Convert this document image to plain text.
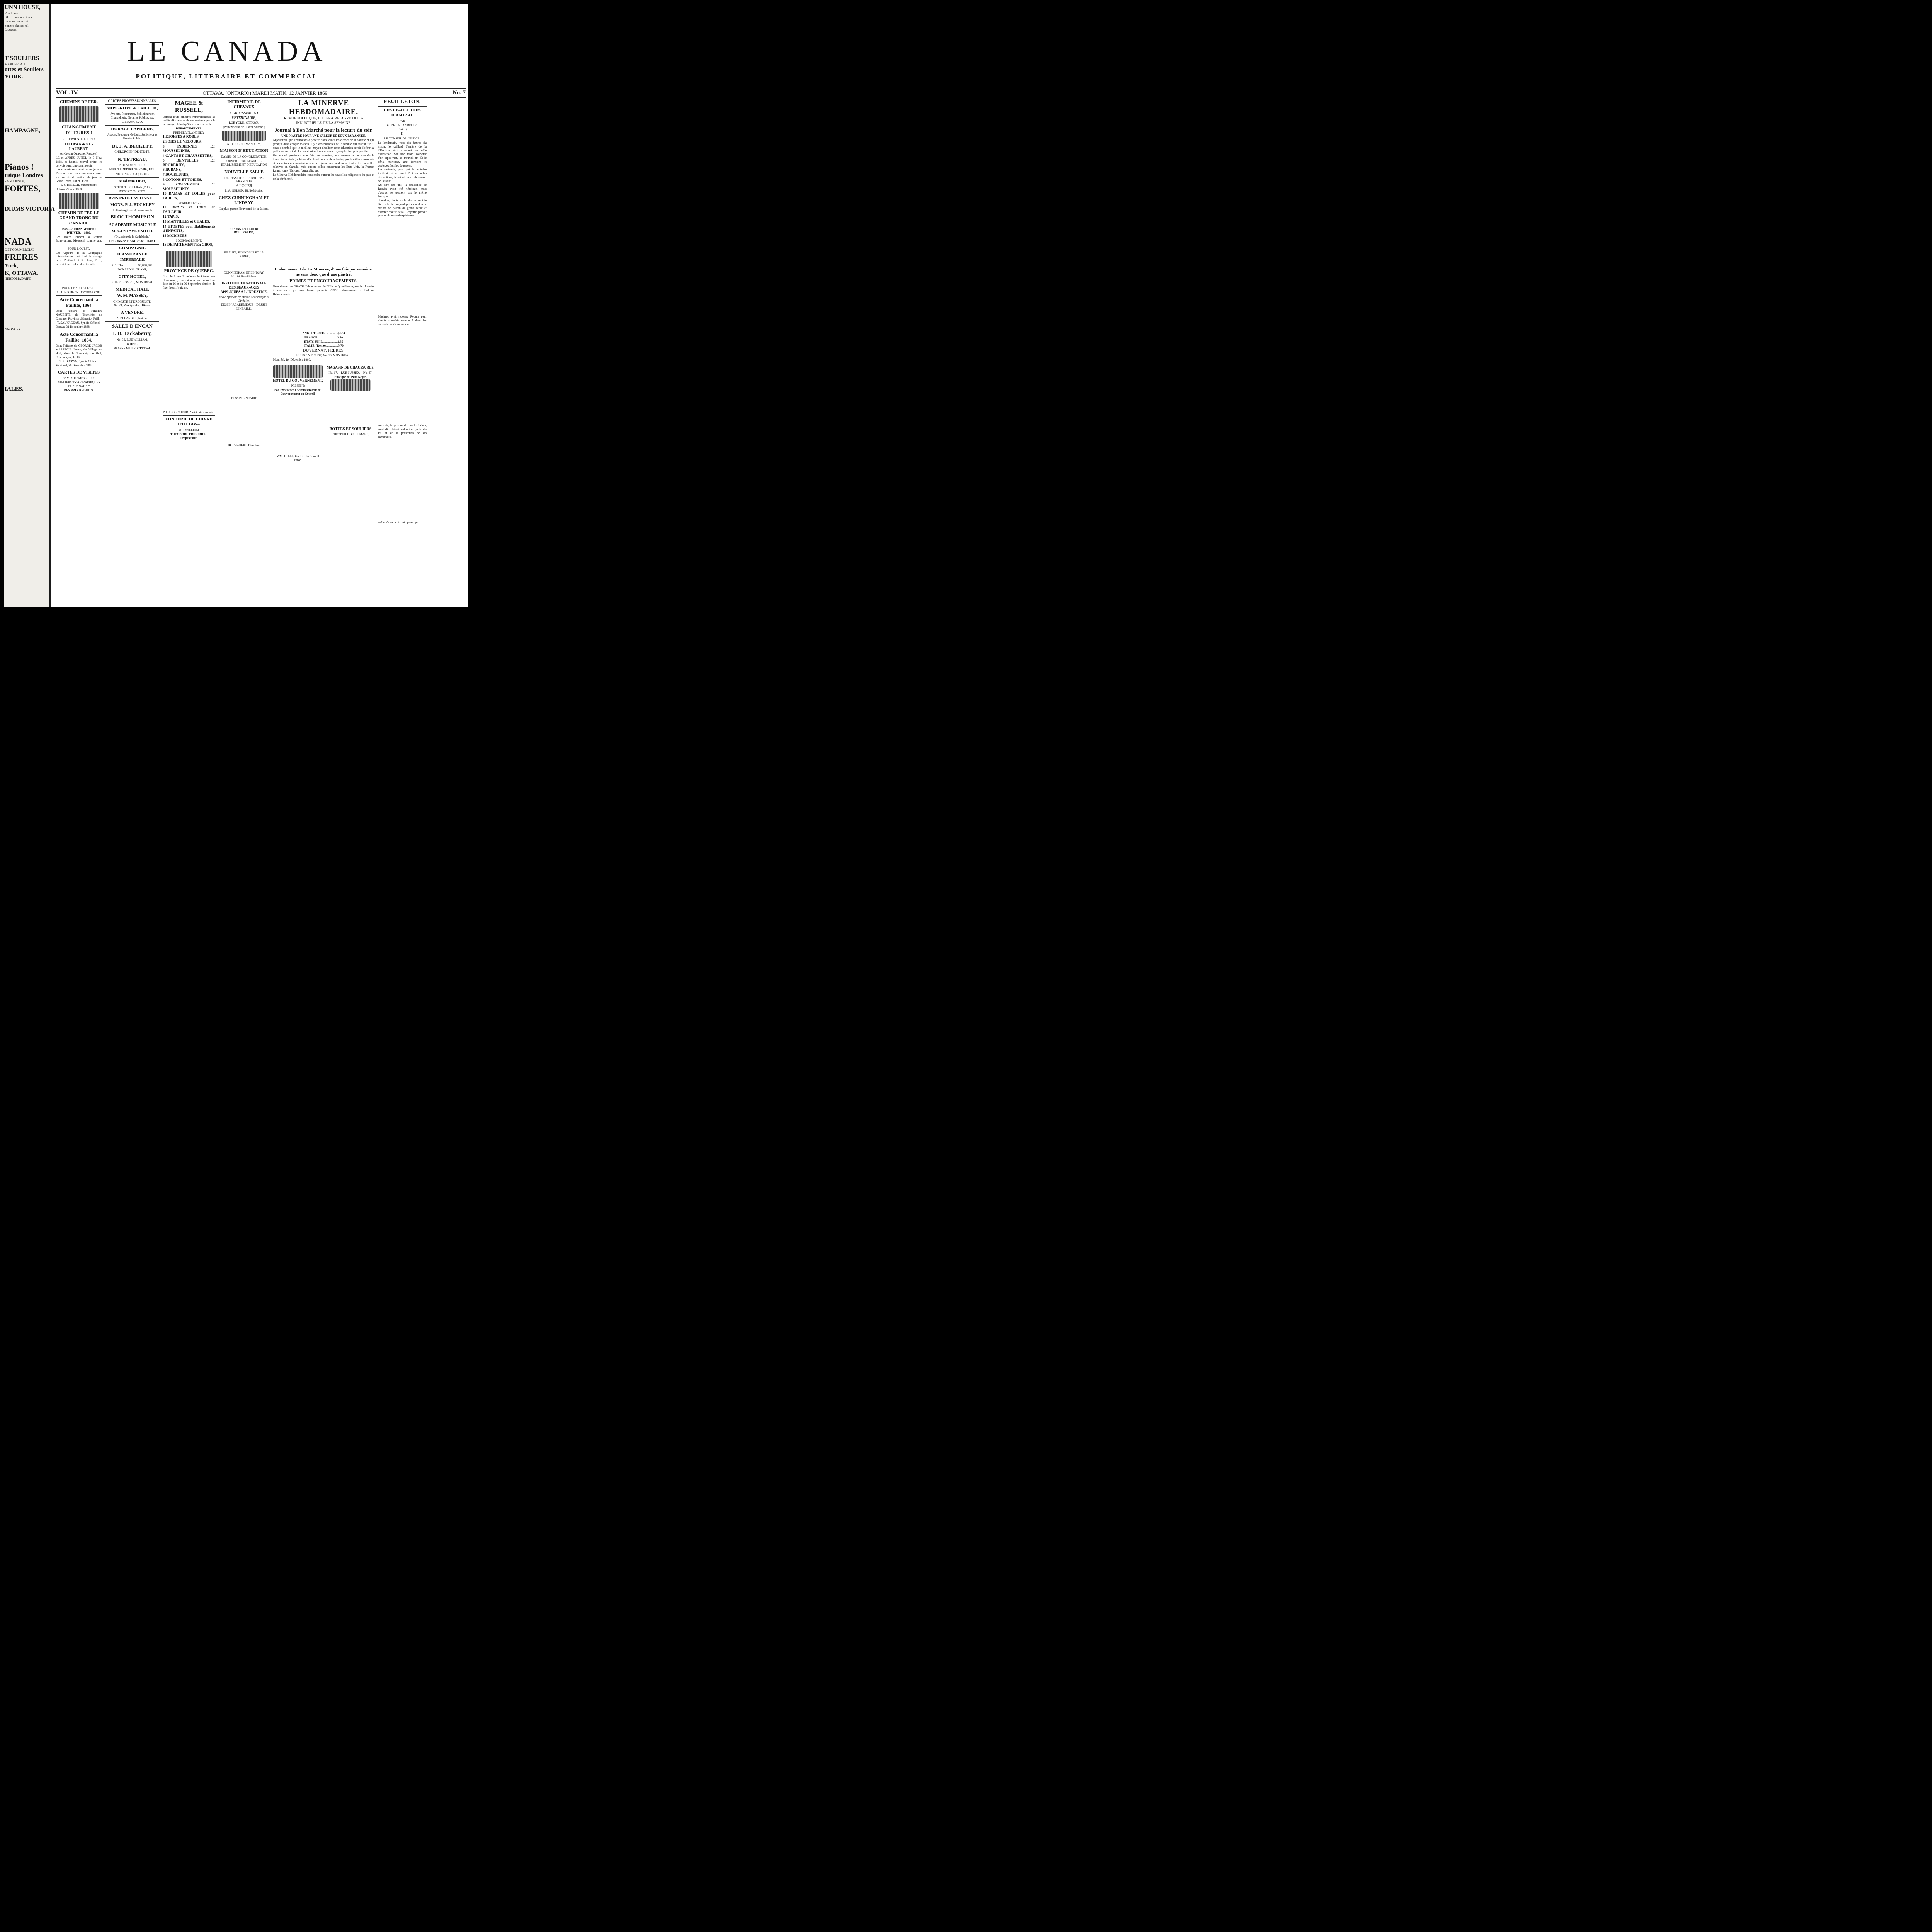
UNN HOUSE,
Rue Sussex.
KETT annonce à ses
procurer un assort
bonnes choses, tel
Liqueurs,
T SOULIERS
MARCHE, AU
ottes et Souliers
YORK.
HAMPAGNE,
Pianos !
usique Londres
SA MAJESTE,
FORTES,
DIUMS VICTORIA
NADA
E ET COMMERCIAL
FRERES
York,
K, OTTAWA.
HEBDOMADAIRE
NNONCES.
IALES.
LE CANADA
POLITIQUE, LITTERAIRE ET COMMERCIAL
VOL. IV.	OTTAWA, (ONTARIO) MARDI MATIN, 12 JANVIER 1869.	No. 7
CHEMINS DE FER.
CHANGEMENT D'HEURES !
CHEMIN DE FER
OTTAWA & ST.-LAURENT.
(ci-devant Ottawa et Prescott)
LE et APRES LUNDI, le 3 Nov. 1868, et jusqu'à nouvel ordre les convois partiront comme suit:—
Les convois sont ainsi arrangés afin d'assurer une correspondance avec les convois de nuit et de jour du Grand Tronc, Est et Ouest.
T. S. DETLOR, Surintendant.
Ottawa, 27 nov 1868
CHEMIN DE FER LE GRAND TRONC DU CANADA.
1868.—ARRANGEMENT D'HIVER.—1869.
Les Trains laissent la Station Bonaventure, Montréal, comme suit:—
POUR L'OUEST.
Les Vapeurs de la Compagnie Internationale, qui font le voyage entre Portland et St. Jean, N.B., partent tous les Lundis et Jeudis.
POUR LE SUD ET L'EST.
C. J. BRYDGES, Directeur-Gérant
Acte Concernant la Faillite, 1864
Dans l'affaire de FIRMIN NAUBERT, du Township de Clarence, Province d'Ontario, Failli.
T. SAUVAGEAU, Syndic Officiel.
Ottawa, 31 Décembre 1868.
Acte Concernant la Faillite, 1864.
Dans l'affaire de GEORGE JACOB MARSTON, Junior, du Village de Hull, dans le Township de Hull, Commerçant, Failli.
T. S. BROWN, Syndic Officiel.
Montréal, 30 Décembre 1868.
CARTES DE VISITES
DAMES ET MESSIEURS
ATELIERS TYPOGRAPHIQUES DU "CANADA,"
DES PRIX REDUITS.
CARTES PROFESSIONNELLES.
MOSGROVE & TAILLON,
Avocats, Procureurs, Solliciteurs en Chancellerie, Notaires Publics, etc.
OTTAWA, C. O.
HORACE LAPIERRE,
Avocat, Procureur-ès-Lois, Solliciteur et Notaire Public,
Dr. J. A. BECKETT,
CHIRURGIEN-DENTISTE.
N. TETREAU,
NOTAIRE PUBLIC,
Près du Bureau de Poste, Hull
PROVINCE DE QUEBEC.
Madame Huet,
INSTITUTRICE FRANÇAISE,
Bachelière ès-Lettres.
AVIS PROFESSIONNEL.
MONS. P. J. BUCKLEY
A déménagé son Bureau dans le
BLOCTHOMPSON
ACADEMIE MUSICALE
M. GUSTAVE SMITH,
(Organiste de la Cathédrale,)
LECONS de PIANO et de CHANT
COMPAGNIE
D'ASSURANCE IMPERIALE
CAPITAL.................$9,000,000
DONALD M. GRANT,
CITY HOTEL,
RUE ST. JOSEPH, MONTREAL
MEDICAL HALL
W. M. MASSEY,
CHIMISTE ET DROGUISTE,
No. 28, Rue Sparks, Ottawa.
A VENDRE.
A. BELANGER, Notaire.
SALLE D'ENCAN
I. B. Tackaberry,
No. 36, RUE WILLIAM,
WHITE,
BASSE - VILLE, OTTAWA.
MAGEE & RUSSELL,
Offrent leurs sincères remerciements au public d'Ottawa et de ses environs pour le patronage libéral qu'ils leur ont accordé.
DEPARTEMENTS.
PREMIER PLANCHER.
1 ETOFFES A ROBES,
2 SOIES ET VELOURS,
3 INDIENNES ET MOUSSELINES,
4 GANTS ET CHAUSSETTES,
5 DENTELLES ET BRODERIES,
6 RUBANS,
7 DOUBLURES,
8 COTONS ET TOILES,
9 COUVERTES ET MOUSSELINES
10 DAMAS ET TOILES pour TABLES,
PREMIER ETAGE.
11 DRAPS et Effets de TAILLEUR,
12 TAPIS,
13 MANTILLES et CHALES,
14 ETOFFES pour Habillements d'ENFANTS,
15 MODISTES.
SOUS-BASEMENT.
16 DEPARTEMENT En GROS,
PROVINCE DE QUEBEC.
Il a plu à son Excellence le Lieutenant-Gouverneur, par minutes en conseil en date du 26 et du 30 Septembre dernier, de fixer le tarif suivant.
PH. J. JOLICOEUR, Assistant-Secrétaire.
FONDERIE DE CUIVRE D'OTTAWA
RUE WILLIAM.
THEODORE FRIDERICK, Propriétaire.
INFIRMERIE DE CHEVAUX
ETABLISSEMENT VETERINAIRE,
RUE YORK, OTTAWA,
(Porte voisine de l'Hôtel Salmon.)
A. O. F. COLEMAN, C. V.,
MAISON D'EDUCATION
DAMES DE LA CONGREGATION.
OUVERT UNE BRANCHE
ETABLISSEMENT D'EDUCATION
NOUVELLE SALLE
DE L'INSTITUT CANADIEN-FRANCAIS
A LOUER
L. A. GRISON, Bibliothécaire.
CHEZ CUNNINGHAM ET LINDSAY.
La plus grande Nouveauté de la Saison.
JUPONS EN FEUTRE BOULEVARD,
BEAUTE, ECONOMIE ET LA DUREE,
CUNNINGHAM ET LINDSAY,
No. 14, Rue Rideau.
INSTITUTION NATIONALE DES BEAUX-ARTS APPLIQUES A L'INDUSTRIE.
Ecole Spéciale de Dessin Académique et Linéaire.
DESSIN ACADEMIQUE—DESSIN LINEAIRE.
DESSIN LINEAIRE
JH. CHABERT, Directeur.
LA MINERVE HEBDOMADAIRE.
REVUE POLITIQUE, LITTERAIRE, AGRICOLE & INDUSTRIELLE DE LA SEMAINE.
Journal à Bon Marché pour la lecture du soir.
UNE PIASTRE POUR UNE VALEUR DE DEUX PAR ANNEE.
Aujourd'hui que l'éducation a pénétré dans toutes les classes de la société et que presque dans chaque maison, il y a des membres de la famille qui savent lire, il nous a semblé que le meilleur moyen d'utiliser cette éducation serait d'offrir au public un recueil de lectures instructives, amusantes, au plus bas prix possible.
Un journal paraissant une fois par semaine, et contenant au moyen de la transmission télégraphique d'un bout du monde à l'autre, par le câble sous-marin et les autres communications de ce genre non seulement toutes les nouvelles relatives au Canada, mais encore celles concernant les Etats-Unis, la France, Rome, toute l'Europe, l'Australie, etc.
La Minerve Hebdomadaire contiendra surtout les nouvelles religieuses du pays et de la chrétienté.
L'abonnement de La Minerve, d'une fois par semaine, ne sera donc que d'une piastre.
PRIMES ET ENCOURAGEMENTS.
Nous donnerons GRATIS l'abonnement de l'Edition Quotidienne, pendant l'année, à tous ceux qui nous feront parvenir VINGT abonnements à l'Edition Hebdomadaire.
ANGLETERRE..................$1.30
FRANCE..........................3.70
ETATS-UNIS....................1.35
ITALIE, (Rome)................3.70
DUVERNAY, FRERES,
RUE ST. VINCENT, No. 16, MONTREAL.
Montréal, 1er Décembre 1868.
HOTEL DU GOUVERNEMENT,
PRESENT:
Son Excellence l'Administrateur du Gouvernement en Conseil.
WM. H. LEE, Greffier du Conseil Privé.
MAGASIN DE CHAUSSURES,
No. 67,—RUE SUSSEX,—No. 67,
Enseigne du Petit Nègre.
BOTTES ET SOULIERS
THEOPHILE BELLEMARE,
FEUILLETON.
LES EPAULETTES D'AMIRAL
PAR
G. DE LA LANDELLE.
(Suite.)
II
LE CONSEIL DE JUSTICE.
Le lendemain, vers dix heures du matin, le gaillard d'arrière de la Cléopâtre était converti en salle d'audience. Sur une table, couverte d'un tapis vert, se trouvait un Code pénal maritime, une écritoire et quelques feuilles de papier.
Les matelots, pour qui le moindre incident est un sujet d'interminables distractions, faisaient un cercle autour de la table.
Au dire des uns, la résistance de Requin avait été héroïque, mais d'autres ne tenaient pas le même langage.
Toutefois, l'opinion la plus accréditée était celle de Cagnard qui, en sa double qualité de patron du grand canot et d'ancien maître de la Cléopâtre, passait pour un homme d'expérience.
Madurec avait reconnu Requin pour s'avoir autrefois rencontré dans les cabarets de Recouvrance.
Au reste, la question de tous les élèves, Austerlitz faisait volontiers partie du Ier. et de la protection de ses camarades.
—On n'appelle Requin parce que
